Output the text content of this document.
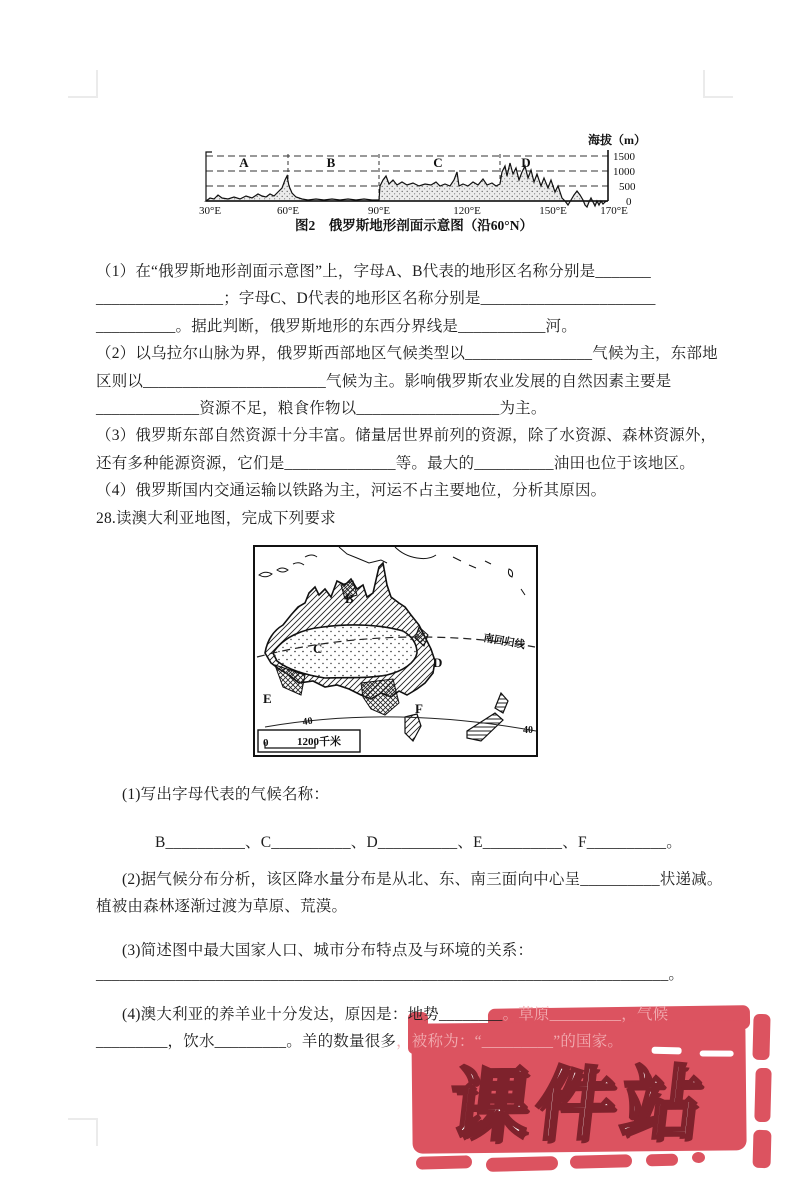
A	B	C	D
海拔（m）
1500
1000
500
0
30°E	60°E	90°E	120°E	150°E	170°E
图2　俄罗斯地形剖面示意图（沿60°N）
（1）在“俄罗斯地形剖面示意图”上，字母A、B代表的地形区名称分别是_______
________________；字母C、D代表的地形区名称分别是______________________
__________。据此判断，俄罗斯地形的东西分界线是___________河。
（2）以乌拉尔山脉为界，俄罗斯西部地区气候类型以________________气候为主，东部地
区则以_______________________气候为主。影响俄罗斯农业发展的自然因素主要是
_____________资源不足，粮食作物以__________________为主。
（3）俄罗斯东部自然资源十分丰富。储量居世界前列的资源，除了水资源、森林资源外，
还有多种能源资源，它们是______________等。最大的__________油田也位于该地区。
（4）俄罗斯国内交通运输以铁路为主，河运不占主要地位，分析其原因。
28.读澳大利亚地图，完成下列要求
B
C
D
E
F
南回归线
40
40
0	1200千米
(1)写出字母代表的气候名称：
B__________、C__________、D__________、E__________、F__________。
(2)据气候分布分析，该区降水量分布是从北、东、南三面向中心呈__________状递减。
植被由森林逐渐过渡为草原、荒漠。
(3)简述图中最大国家人口、城市分布特点及与环境的关系：
________________________________________________________________________。
(4)澳大利亚的养羊业十分发达，原因是：地势________。草原_________，气候
_________，饮水_________。羊的数量很多，被称为：“_________”的国家。
课件站
